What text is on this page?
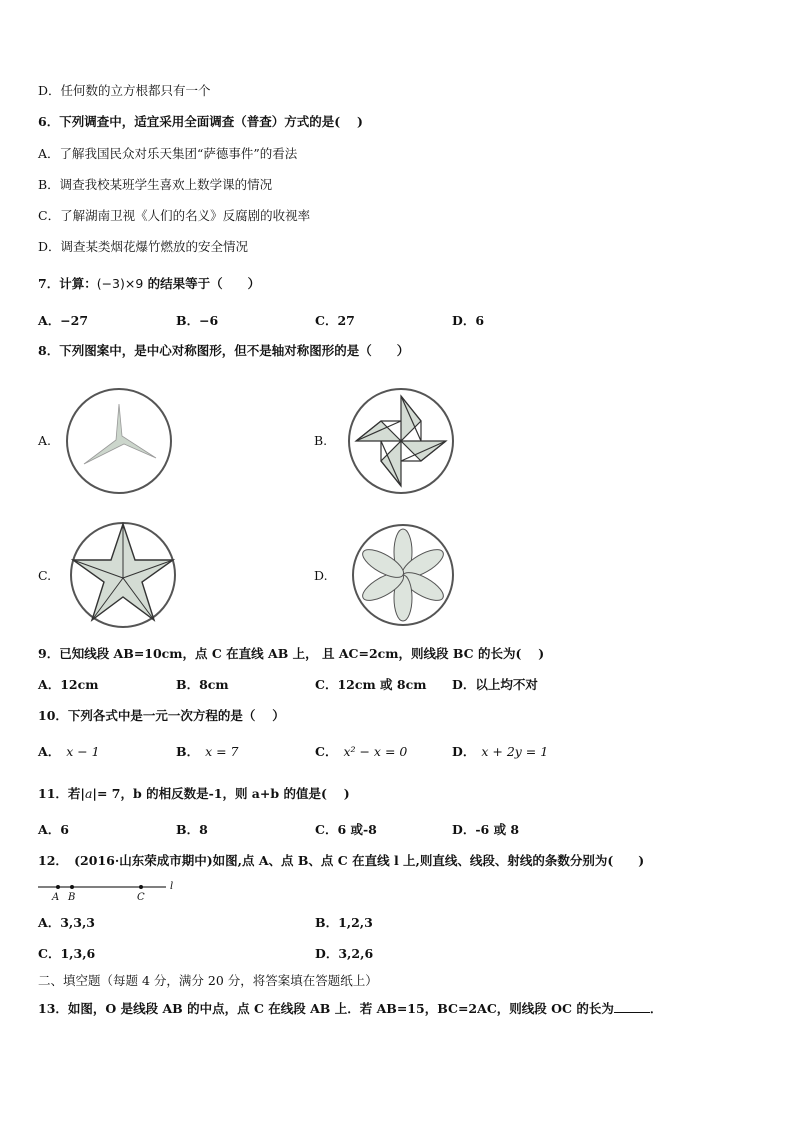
D．任何数的立方根都只有一个
6．下列调查中，适宜采用全面调查（普查）方式的是(　 )
A．了解我国民众对乐天集团“萨德事件”的看法
B．调查我校某班学生喜欢上数学课的情况
C．了解湖南卫视《人们的名义》反腐剧的收视率
D．调查某类烟花爆竹燃放的安全情况
7．计算：(−3)×9 的结果等于（　　）
A．−27	B．−6	C．27	D．6
8．下列图案中，是中心对称图形，但不是轴对称图形的是（　　）
A.	B.
C.	D.
9．已知线段 AB=10cm，点 C 在直线 AB 上， 且 AC=2cm，则线段 BC 的长为(　 )
A．12cm	B．8cm	C．12cm 或 8cm D．以上均不对
10．下列各式中是一元一次方程的是（　 ）
A． x − 1	B． x = 7	C． x² − x = 0	D． x + 2y = 1
11．若|a|= 7，b 的相反数是-1，则 a+b 的值是(　 )
A．6	B．8	C．6 或-8	D．-6 或 8
12．　(2016·山东荣成市期中)如图,点 A、点 B、点 C 在直线 l 上,则直线、线段、射线的条数分别为(　　)
A B	C
l
A．3,3,3	B．1,2,3
C．1,3,6	D．3,2,6
二、填空题（每题 4 分，满分 20 分，将答案填在答题纸上）
13．如图，O 是线段 AB 的中点，点 C 在线段 AB 上．若 AB=15，BC=2AC，则线段 OC 的长为	．
